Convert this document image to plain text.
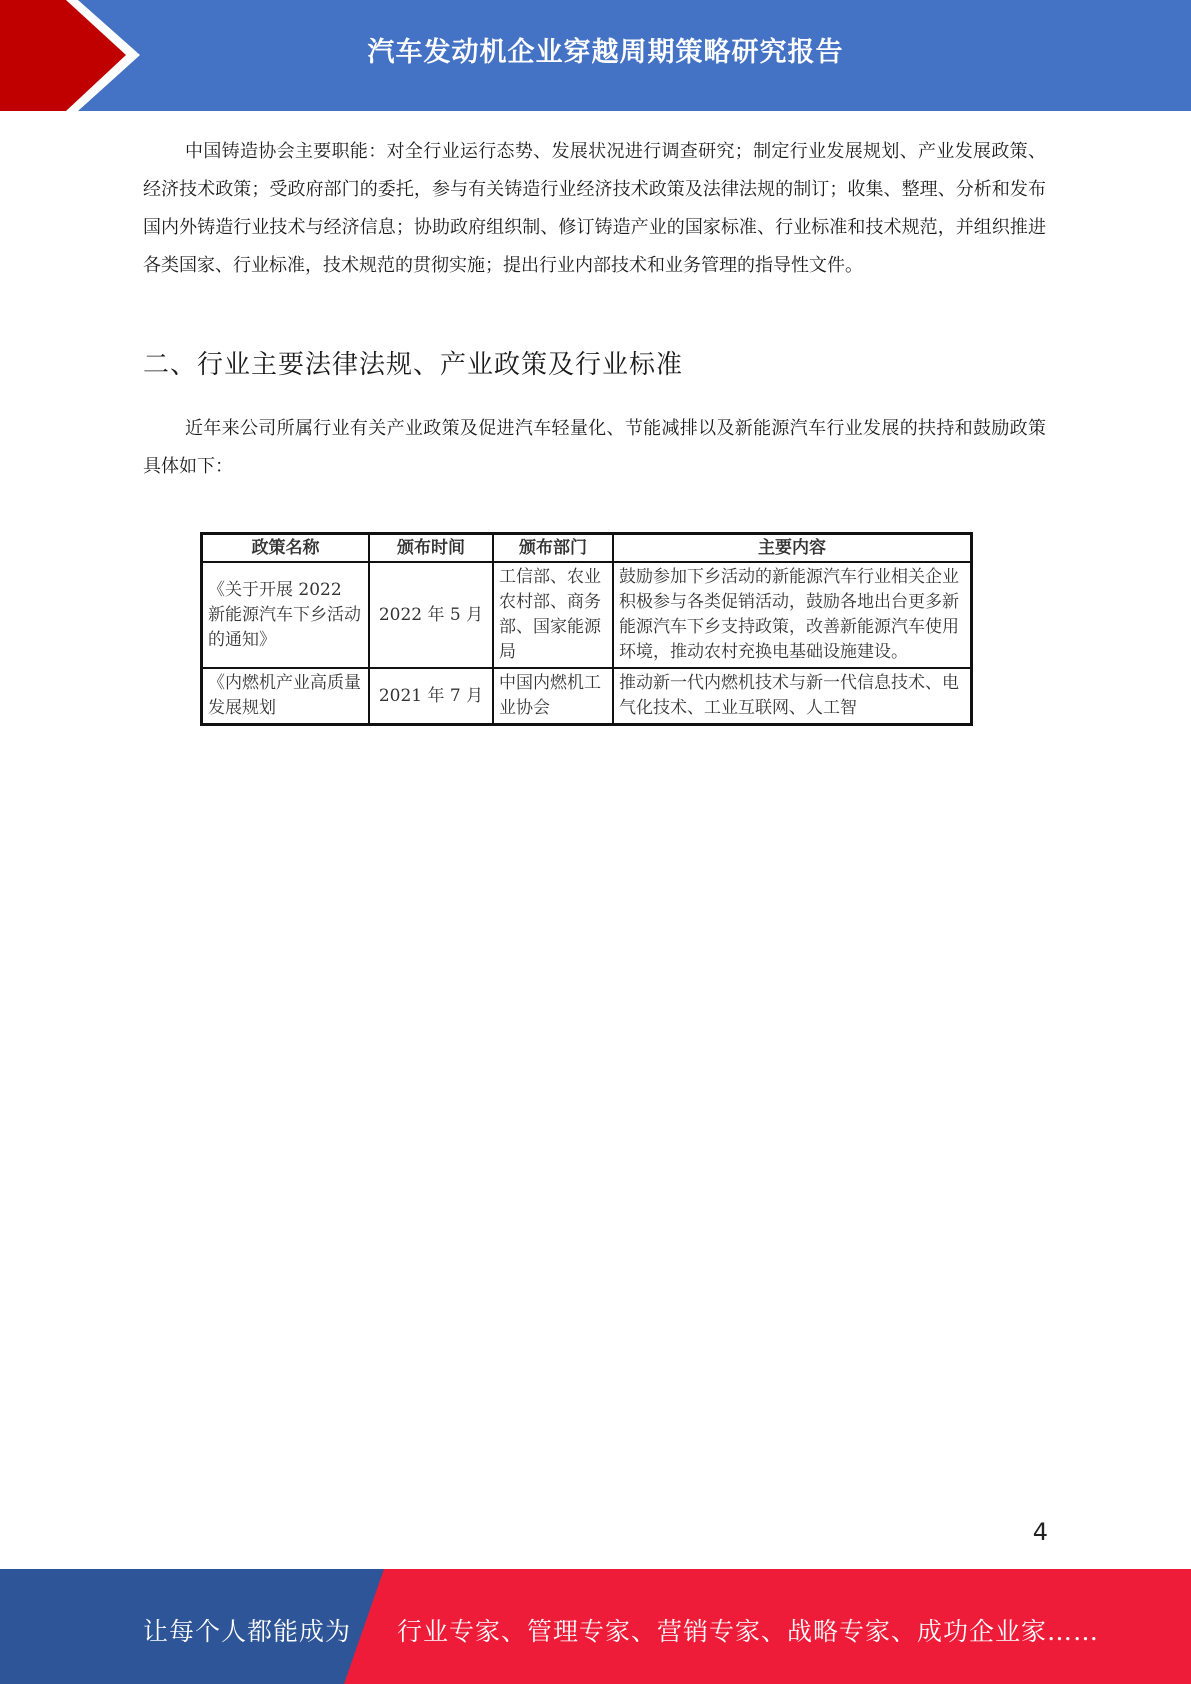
汽车发动机企业穿越周期策略研究报告

中国铸造协会主要职能：对全行业运行态势、发展状况进行调查研究；制定行业发展规划、产业发展政策、经济技术政策；受政府部门的委托，参与有关铸造行业经济技术政策及法律法规的制订；收集、整理、分析和发布国内外铸造行业技术与经济信息；协助政府组织制、修订铸造产业的国家标准、行业标准和技术规范，并组织推进各类国家、行业标准，技术规范的贯彻实施；提出行业内部技术和业务管理的指导性文件。

二、行业主要法律法规、产业政策及行业标准

近年来公司所属行业有关产业政策及促进汽车轻量化、节能减排以及新能源汽车行业发展的扶持和鼓励政策具体如下：

政策名称	颁布时间	颁布部门	主要内容
《关于开展 2022 新能源汽车下乡活动的通知》	2022 年 5 月	工信部、农业农村部、商务部、国家能源局	鼓励参加下乡活动的新能源汽车行业相关企业积极参与各类促销活动，鼓励各地出台更多新能源汽车下乡支持政策，改善新能源汽车使用环境，推动农村充换电基础设施建设。
《内燃机产业高质量发展规划	2021 年 7 月	中国内燃机工业协会	推动新一代内燃机技术与新一代信息技术、电气化技术、工业互联网、人工智
4
让每个人都能成为 行业专家、管理专家、营销专家、战略专家、成功企业家……
